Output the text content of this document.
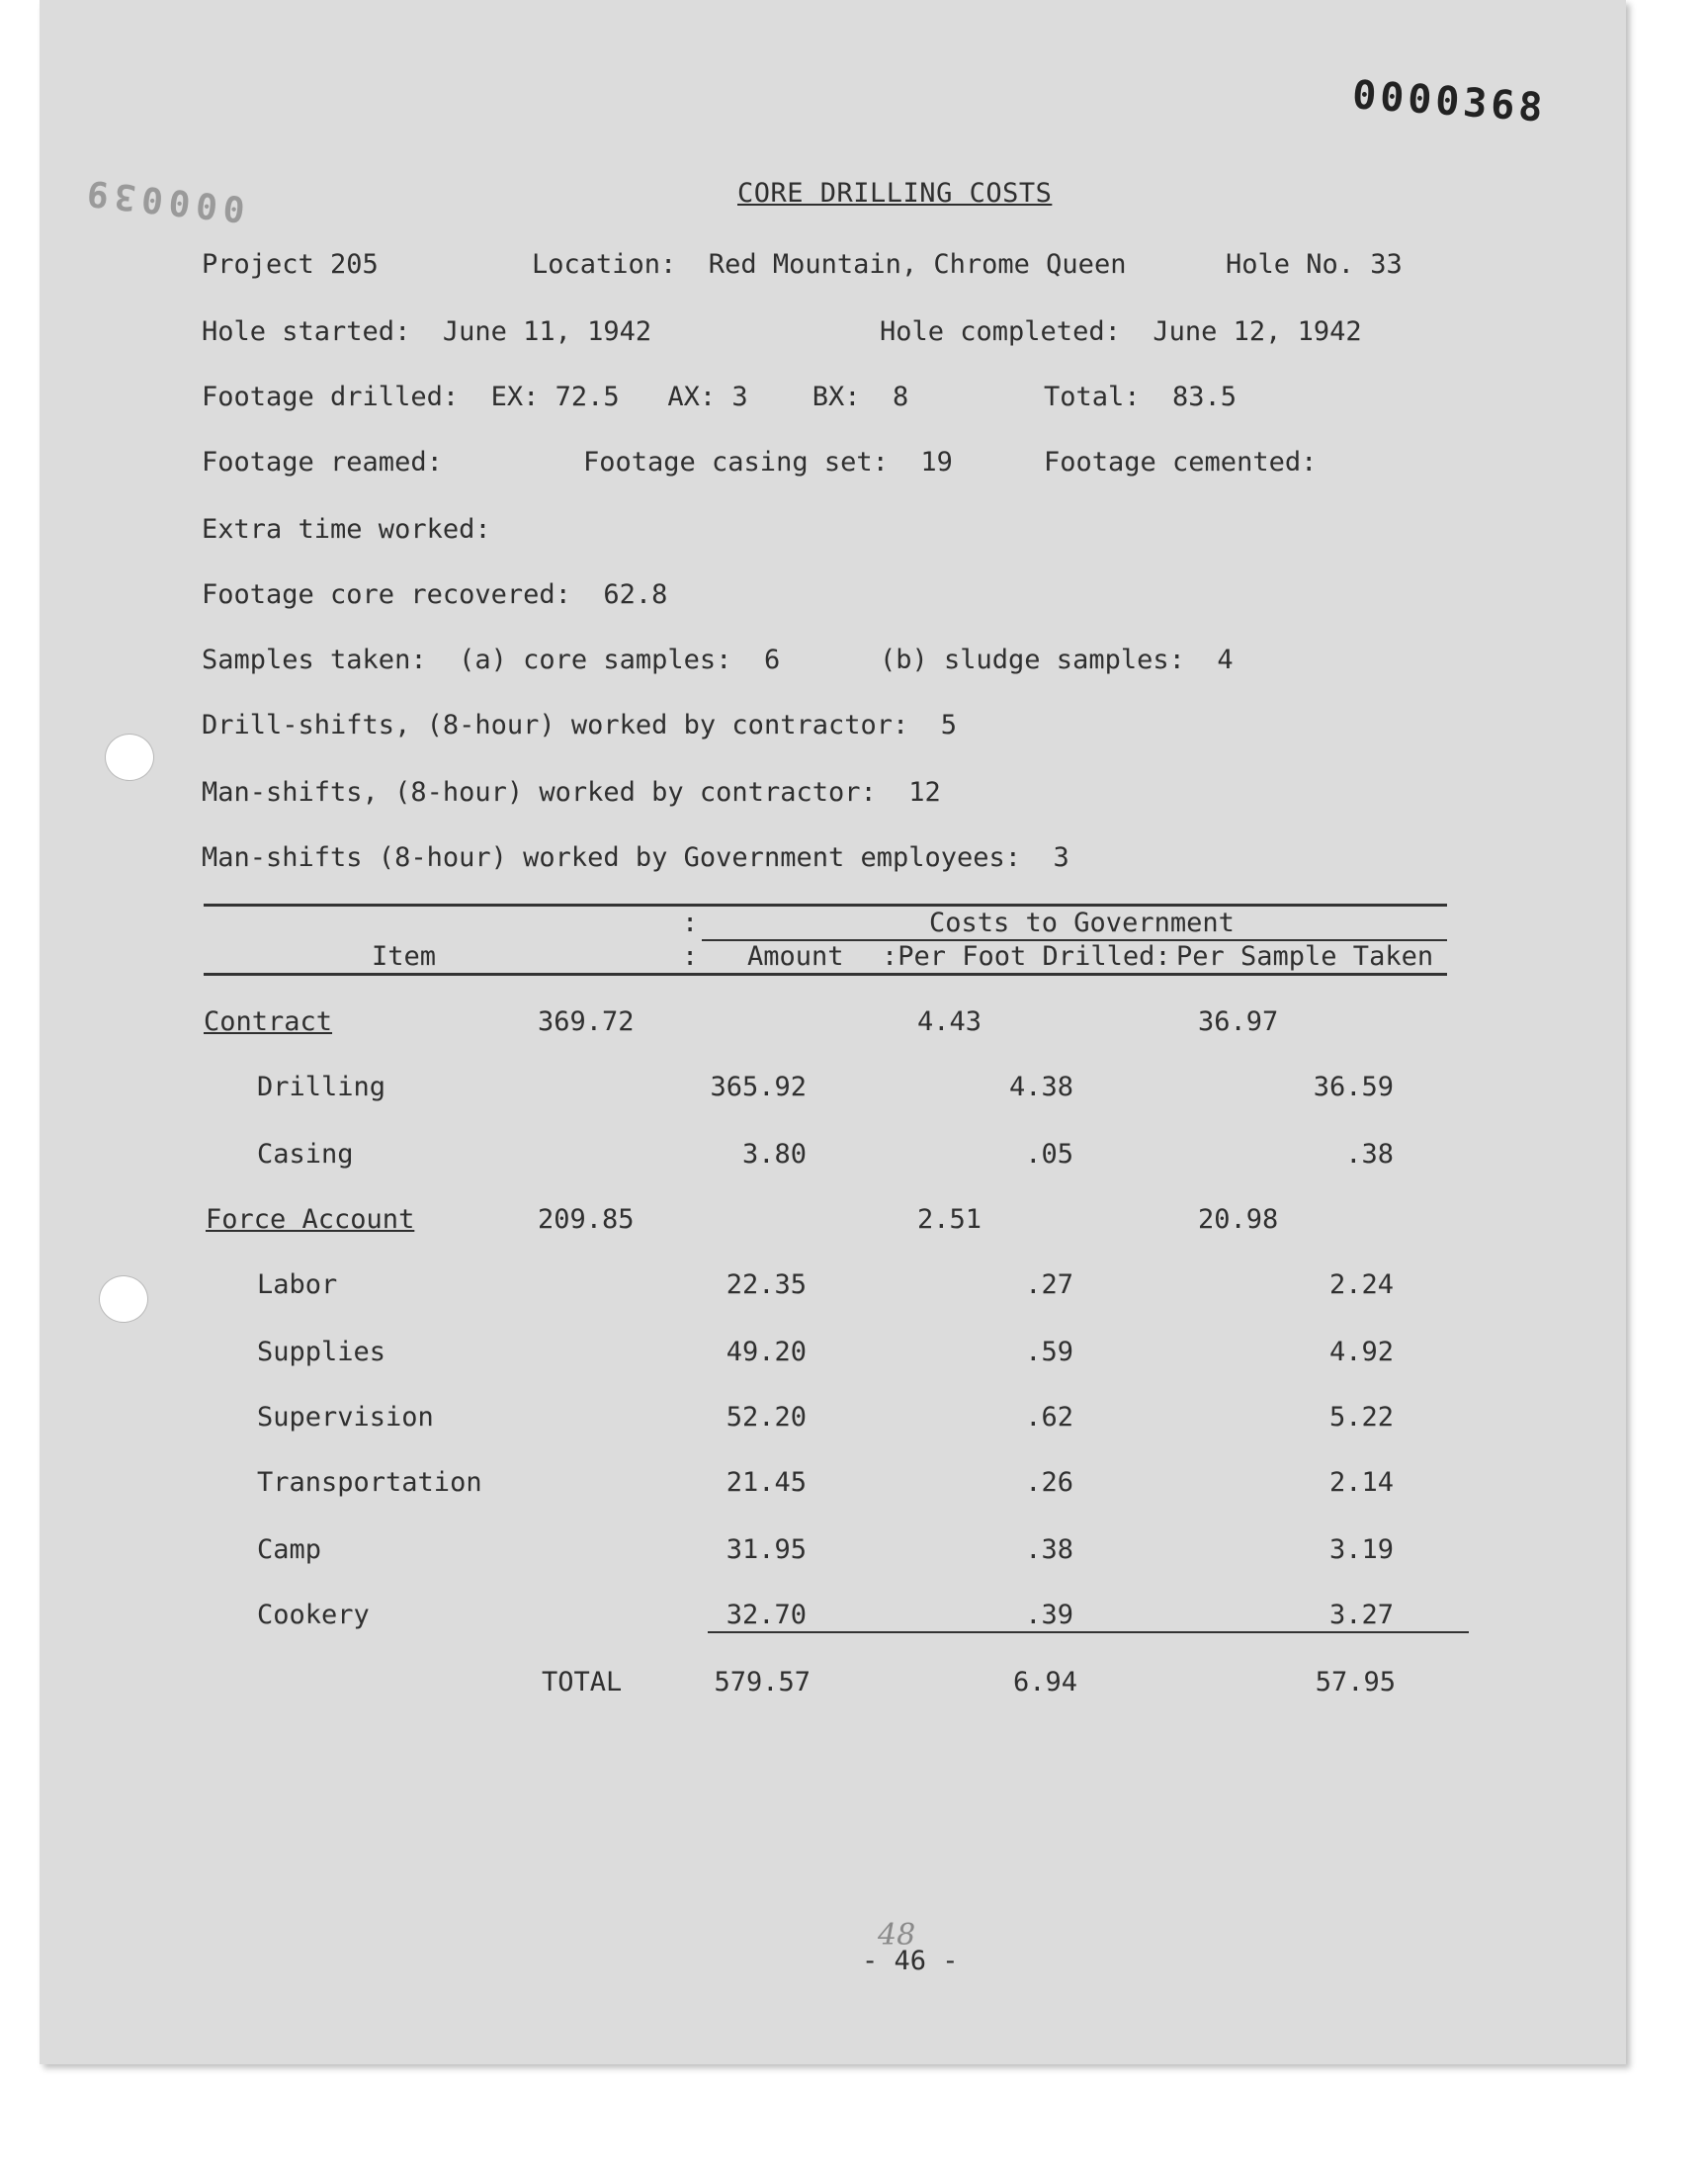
0000368
000039	CORE DRILLING COSTS
Project 205	Location:  Red Mountain, Chrome Queen	Hole No. 33
Hole started:  June 11, 1942	Hole completed:  June 12, 1942
Footage drilled:  EX: 72.5   AX: 3    BX:  8	Total:  83.5
Footage reamed:	Footage casing set:  19	Footage cemented:
Extra time worked:
Footage core recovered:  62.8
Samples taken:  (a) core samples:  6	(b) sludge samples:  4
Drill-shifts, (8-hour) worked by contractor:  5
Man-shifts, (8-hour) worked by contractor:  12
Man-shifts (8-hour) worked by Government employees:  3
:	Costs to Government
Item	: Amount :Per Foot Drilled: Per Sample Taken
Contract	369.72	4.43	36.97
Drilling	365.92	4.38	36.59
Casing	3.80	.05	.38
Force Account	209.85	2.51	20.98
Labor	22.35	.27	2.24
Supplies	49.20	.59	4.92
Supervision	52.20	.62	5.22
Transportation	21.45	.26	2.14
Camp	31.95	.38	3.19
Cookery	32.70	.39	3.27
TOTAL	579.57	6.94	57.95
48
- 46 -
